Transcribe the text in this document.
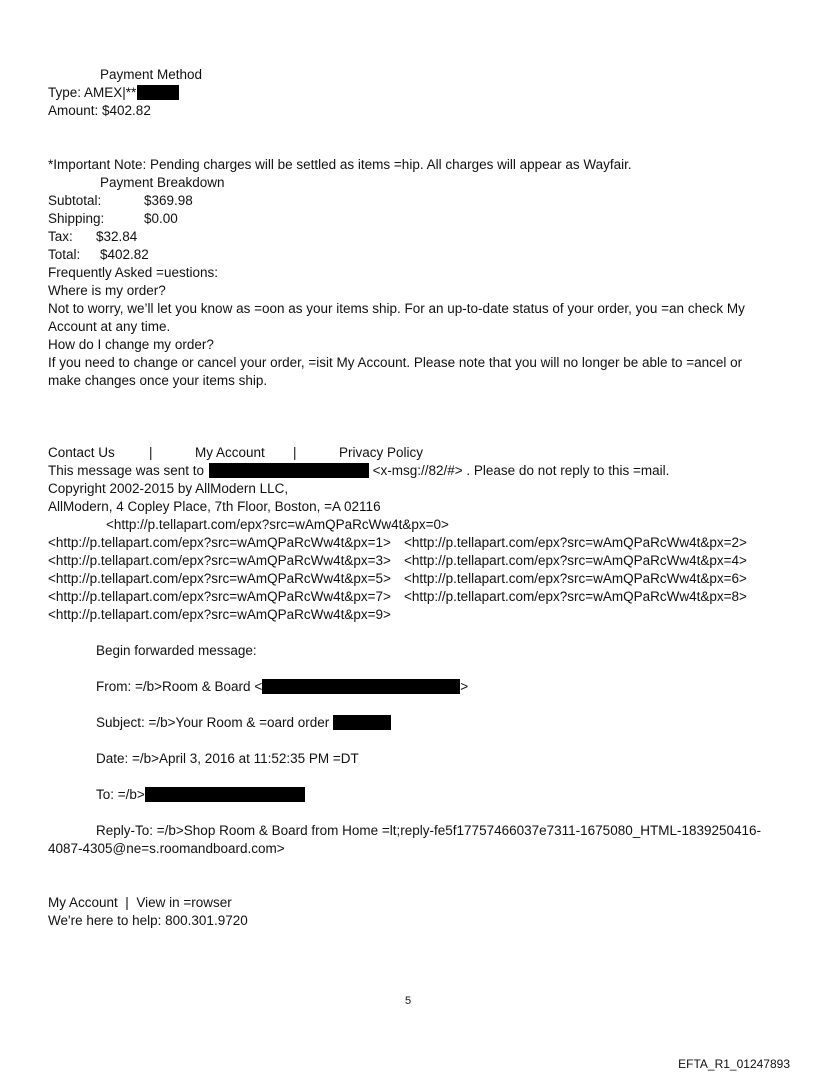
Payment Method
Type: AMEX|**
Amount: $402.82
*Important Note: Pending charges will be settled as items =hip. All charges will appear as Wayfair.
Payment Breakdown
Subtotal:	$369.98
Shipping:	$0.00
Tax: $32.84
Total: $402.82
Frequently Asked =uestions:
Where is my order?
Not to worry, we’ll let you know as =oon as your items ship. For an up-to-date status of your order, you =an check My Account at any time.
How do I change my order?
If you need to change or cancel your order, =isit My Account. Please note that you will no longer be able to =ancel or make changes once your items ship.
Contact Us	|	My Account |	Privacy Policy
This message was sent to	<x-msg://82/#> . Please do not reply to this =mail.
Copyright 2002-2015 by AllModern LLC,
AllModern, 4 Copley Place, 7th Floor, Boston, =A 02116
<http://p.tellapart.com/epx?src=wAmQPaRcWw4t&px=0>
<http://p.tellapart.com/epx?src=wAmQPaRcWw4t&px=1> <http://p.tellapart.com/epx?src=wAmQPaRcWw4t&px=2>
<http://p.tellapart.com/epx?src=wAmQPaRcWw4t&px=3> <http://p.tellapart.com/epx?src=wAmQPaRcWw4t&px=4>
<http://p.tellapart.com/epx?src=wAmQPaRcWw4t&px=5> <http://p.tellapart.com/epx?src=wAmQPaRcWw4t&px=6>
<http://p.tellapart.com/epx?src=wAmQPaRcWw4t&px=7> <http://p.tellapart.com/epx?src=wAmQPaRcWw4t&px=8>
<http://p.tellapart.com/epx?src=wAmQPaRcWw4t&px=9>
Begin forwarded message:
From: =/b>Room & Board <	>
Subject: =/b>Your Room & =oard order
Date: =/b>April 3, 2016 at 11:52:35 PM =DT
To: =/b>
Reply-To: =/b>Shop Room & Board from Home =lt;reply-fe5f17757466037e7311-1675080_HTML-1839250416-4087-4305@ne=s.roomandboard.com>
My Account | View in =rowser
We're here to help: 800.301.9720
5
EFTA_R1_01247893
